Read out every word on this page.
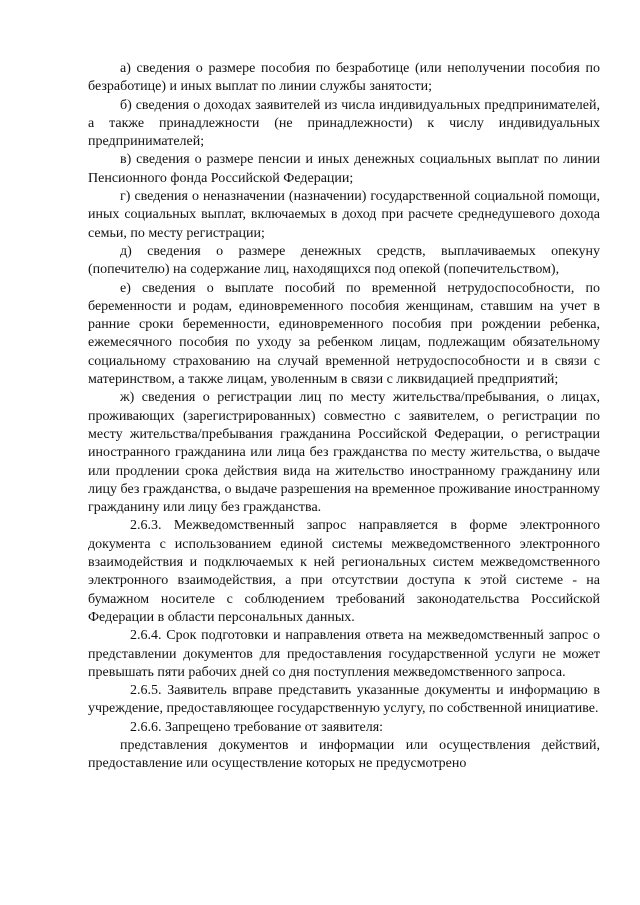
а) сведения о размере пособия по безработице (или неполучении пособия по безработице) и иных выплат по линии службы занятости;

б) сведения о доходах заявителей из числа индивидуальных предпринимателей, а также принадлежности (не принадлежности) к числу индивидуальных предпринимателей;

в) сведения о размере пенсии и иных денежных социальных выплат по линии Пенсионного фонда Российской Федерации;

г) сведения о неназначении (назначении) государственной социальной помощи, иных социальных выплат, включаемых в доход при расчете среднедушевого дохода семьи, по месту регистрации;

д) сведения о размере денежных средств, выплачиваемых опекуну (попечителю) на содержание лиц, находящихся под опекой (попечительством),

е) сведения о выплате пособий по временной нетрудоспособности, по беременности и родам, единовременного пособия женщинам, ставшим на учет в ранние сроки беременности, единовременного пособия при рождении ребенка, ежемесячного пособия по уходу за ребенком лицам, подлежащим обязательному социальному страхованию на случай временной нетрудоспособности и в связи с материнством, а также лицам, уволенным в связи с ликвидацией предприятий;

ж) сведения о регистрации лиц по месту жительства/пребывания, о лицах, проживающих (зарегистрированных) совместно с заявителем, о регистрации по месту жительства/пребывания гражданина Российской Федерации, о регистрации иностранного гражданина или лица без гражданства по месту жительства, о выдаче или продлении срока действия вида на жительство иностранному гражданину или лицу без гражданства, о выдаче разрешения на временное проживание иностранному гражданину или лицу без гражданства.

2.6.3. Межведомственный запрос направляется в форме электронного документа с использованием единой системы межведомственного электронного взаимодействия и подключаемых к ней региональных систем межведомственного электронного взаимодействия, а при отсутствии доступа к этой системе - на бумажном носителе с соблюдением требований законодательства Российской Федерации в области персональных данных.

2.6.4. Срок подготовки и направления ответа на межведомственный запрос о представлении документов для предоставления государственной услуги не может превышать пяти рабочих дней со дня поступления межведомственного запроса.

2.6.5. Заявитель вправе представить указанные документы и информацию в учреждение, предоставляющее государственную услугу, по собственной инициативе.

2.6.6. Запрещено требование от заявителя:

представления документов и информации или осуществления действий, предоставление или осуществление которых не предусмотрено
